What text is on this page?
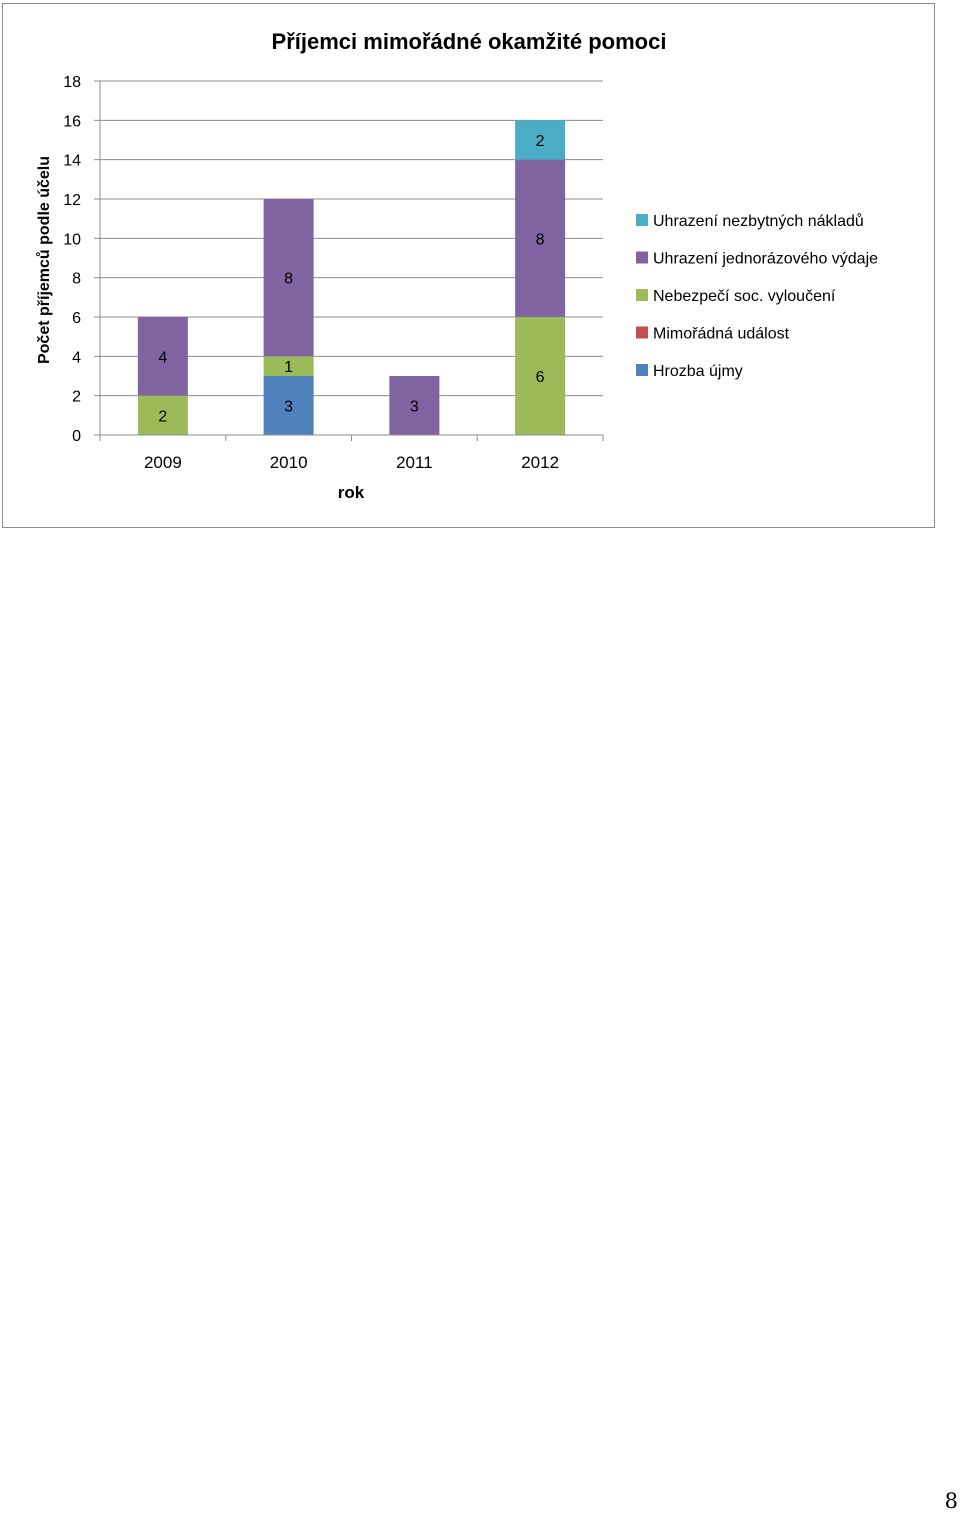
Příjemci mimořádné okamžité pomoci
2
4
3
1
8
3
6
8
2
0
2
4
6
8
10
12
14
16
18
2009	2010	2011	2012
Počet příjemců podle účelu
rok
Uhrazení nezbytných nákladů
Uhrazení jednorázového výdaje
Nebezpečí soc. vyloučení
Mimořádná událost
Hrozba újmy
8
